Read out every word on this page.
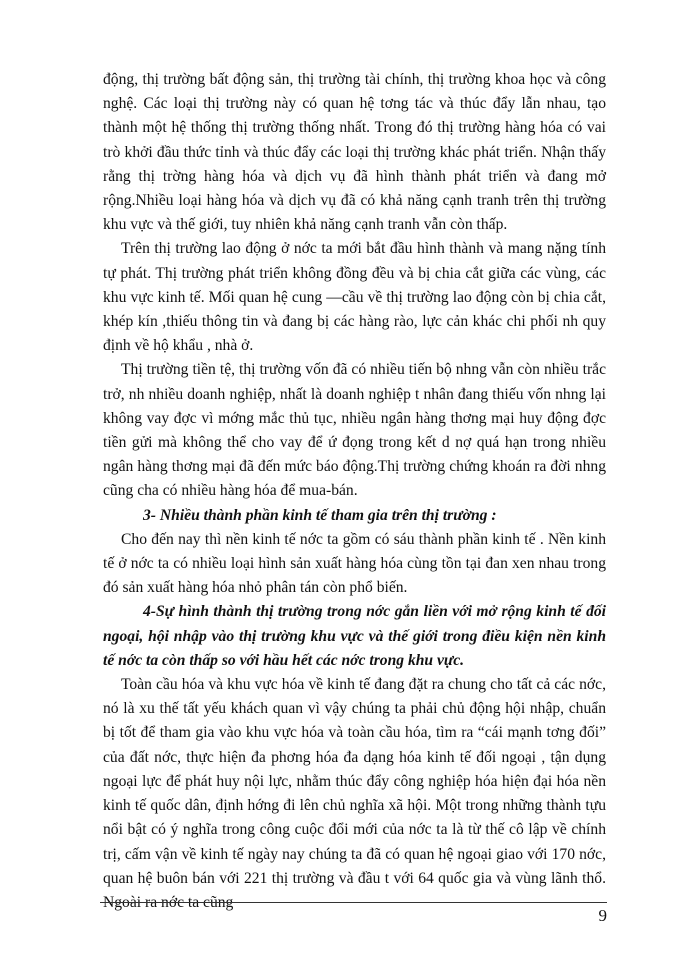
động, thị trường bất động sản, thị trường tài chính, thị trường khoa học và công nghệ. Các loại thị trường này có quan hệ tơng tác và thúc đẩy lẫn nhau, tạo thành một hệ thống thị trường thống nhất. Trong đó thị trường hàng hóa có vai trò khởi đầu thức tỉnh và thúc đẩy các loại thị trường khác phát triển. Nhận thấy rằng thị trờng hàng hóa và dịch vụ đã hình thành phát triển và đang mở rộng.Nhiều loại hàng hóa và dịch vụ đã có khả năng cạnh tranh trên thị trường khu vực và thế giới, tuy nhiên khả năng cạnh tranh vẫn còn thấp.

Trên thị trường lao động ở nớc ta mới bắt đầu hình thành và mang nặng tính tự phát. Thị trường phát triển không đồng đều và bị chia cắt giữa các vùng, các khu vực kinh tế. Mối quan hệ cung —cầu về thị trường lao động còn bị chia cắt, khép kín ,thiếu thông tin và đang bị các hàng rào, lực cản khác chi phối nh quy định về hộ khẩu , nhà ở.

Thị trường tiền tệ, thị trường vốn đã có nhiều tiến bộ nhng vẫn còn nhiều trắc trở, nh nhiều doanh nghiệp, nhất là doanh nghiệp t nhân đang thiếu vốn nhng lại không vay đợc vì mớng mắc thủ tục, nhiều ngân hàng thơng mại huy động đợc tiền gửi mà không thể cho vay để ứ đọng trong kết d nợ quá hạn trong nhiều ngân hàng thơng mại đã đến mức báo động.Thị trường chứng khoán ra đời nhng cũng cha có nhiều hàng hóa để mua-bán.

3- Nhiều thành phần kinh tế tham gia trên thị trường :

Cho đến nay thì nền kinh tế nớc ta gồm có sáu thành phần kinh tế . Nền kinh tế ở nớc ta có nhiều loại hình sản xuất hàng hóa cùng tồn tại đan xen nhau trong đó sản xuất hàng hóa nhỏ phân tán còn phổ biến.

4-Sự hình thành thị trường trong nớc gắn liền với mở rộng kinh tế đối ngoại, hội nhập vào thị trường khu vực và thế giới trong điều kiện nền kinh tế nớc ta còn thấp so với hầu hết các nớc trong khu vực.

Toàn cầu hóa và khu vực hóa về kinh tế đang đặt ra chung cho tất cả các nớc, nó là xu thế tất yếu khách quan vì vậy chúng ta phải chủ động hội nhập, chuẩn bị tốt để tham gia vào khu vực hóa và toàn cầu hóa, tìm ra “cái mạnh tơng đối” của đất nớc, thực hiện đa phơng hóa đa dạng hóa kinh tế đối ngoại , tận dụng ngoại lực để phát huy nội lực, nhằm thúc đẩy công nghiệp hóa hiện đại hóa nền kinh tế quốc dân, định hớng đi lên chủ nghĩa xã hội. Một trong những thành tựu nổi bật có ý nghĩa trong công cuộc đổi mới của nớc ta là từ thế cô lập về chính trị, cấm vận về kinh tế ngày nay chúng ta đã có quan hệ ngoại giao với 170 nớc, quan hệ buôn bán với 221 thị trường và đầu t với 64 quốc gia và vùng lãnh thổ. Ngoài ra nớc ta cũng

9
